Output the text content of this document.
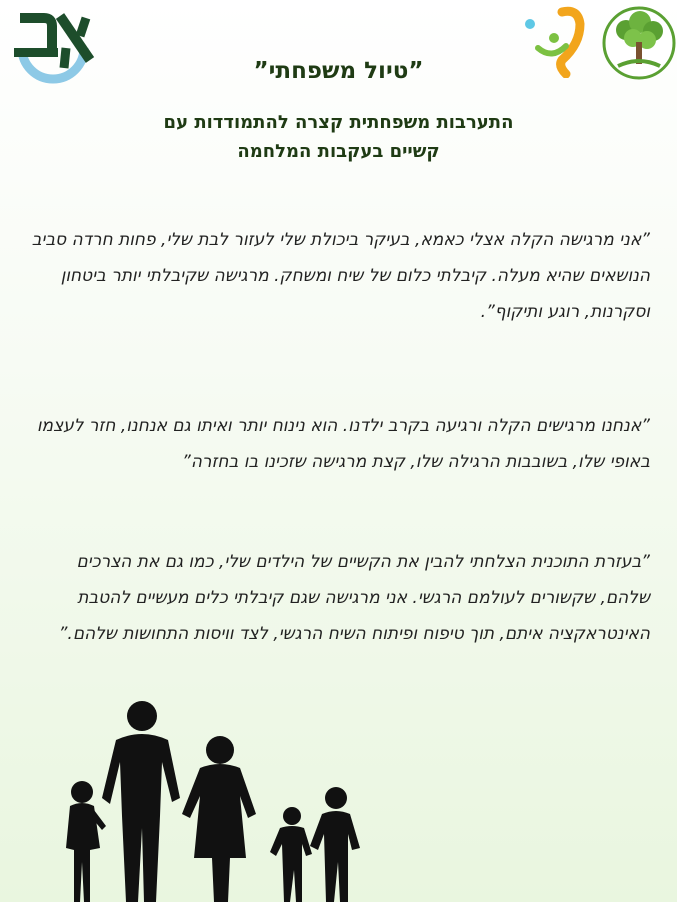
”טיול משפחתי”
התערבות משפחתית קצרה להתמודדות עם
קשיים בעקבות המלחמה
”אני מרגישה הקלה אצלי כאמא, בעיקר ביכולת שלי לעזור לבת שלי, פחות חרדה סביב הנושאים שהיא מעלה. קיבלתי כלום של שיח ומשחק. מרגישה שקיבלתי יותר ביטחון וסקרנות, רוגע ותיקוף”.
”אנחנו מרגישים הקלה ורגיעה בקרב ילדנו. הוא נינוח יותר ואיתו גם אנחנו, חזר לעצמו באופי שלו, בשובבות הרגילה שלו, קצת מרגישה שזכינו בו בחזרה”
”בעזרת התוכנית הצלחתי להבין את הקשיים של הילדים שלי, כמו גם את הצרכים שלהם, שקשורים לעולמם הרגשי. אני מרגישה שגם קיבלתי כלים מעשיים להטבת האינטראקציה איתם, תוך טיפוח ופיתוח השיח הרגשי, לצד וויסות התחושות שלהם.”
